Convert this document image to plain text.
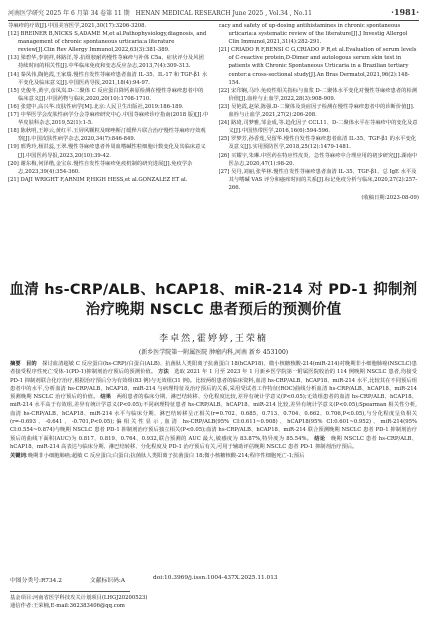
河南医学研究 2025 年 6 月第 34 卷第 11 期　HENAN MEDICAL RESEARCH June 2025 , Vol.34 , No.11	·1981·

荨麻疹的疗效[J].中国美容医学,2021,30(17):3206-3208.

[12] BREINER B,NICKS S,ADAME M,et al.Pathophysiology,diagnosis, and management of chronic spontaneous urticaria:a literature review[J].Clin Rev Allergy Immunol,2022,63(3):381-389.

[13] 梁碧华,李润祥,林路洋,等.抗组胺耐药慢性荨麻疹与补体 C5a、症状评分及风团持续时间的相关性[J].中华临床免疫和变态反应杂志,2013,7(4):309-313.

[14] 秦凤伟,陶艳霞,王家瑞.慢性自发性荨麻疹患者血清 IL-35、IL-17 和 TGF-β1 水平变化及临床意义[J].中国医药导报,2021,18(4):94-97.

[15] 史俊冬,黄宇,彦凤岚.D-二聚体 C 反应蛋白降钙素原检测在慢性荨麻疹患者中的临床意义[J].中国药物与临床,2020,20(10):1708-1710.

[16] 张建中,高兴华.皮肤性病学[M].北京:人民卫生出版社,2019:186-189.

[17] 中华医学会皮肤性病学分会荨麻疹研究中心.中国荨麻疹诊疗指南(2018 版)[J].中华皮肤科杂志,2019,52(1):1-5.

[18] 陈秋明,王婷云,黄红平.玉屏风颗粒及咪唑斯汀缓释片联合治疗慢性荨麻疹疗效观察[J].中国皮肤性病学杂志,2020,34(7):846-849.

[19] 邢秀玲,杨洪蕊,王翠.慢性荨麻疹患者外周血嗜碱性粒细胞计数变化及其临床意义[J].中国医药导报,2023,20(10):39-42.

[20] 谢东梅,何泽楷,金宝东.慢性自发性荨麻疹免疫机制的研究进展[J].免疫学杂志,2023,39(4):354-360.

[21] DAJI WRIGHT F,ARNIM P,HIGH HESS,et al.GONZALEZ ET al.

cacy and safety of up-dosing antihistamines in chronic spontaneous urticaria:a systematic review of the literature[J].J Investig Allergol Clin Immunol,2021,31(4):282-291.

[21] CRIADO R F,BENSI C G,CRIADO P R,et al.Evaluation of serum levels of C-reactive protein,D-Dimer and autologous serum skin test in patients with Chronic Spontaneous Urticaria in a Brazilian tertiary center:a cross-sectional study[J].An Bras Dermatol,2021,96(2):148-154.

[22] 宋印娴,马玲.免疫性相关指标与血浆 D-二聚体水平变化对慢性荨麻疹患者的检测价值[J].血栓与止血学,2022,28(3):908-909.

[23] 吴艳霞,赵荣,陈强.D-二聚体及炎症因子检测在慢性荨麻疹患者中的诊断价值[J].血栓与止血学,2021,27(2):206-208.

[24] 路琦,司梦雅,邹金成,等.趋化因子 CCL11、D-二聚体水平在荨麻疹中的变化及意义[J].中国热带医学,2016,16(6):594-596.

[25] 罗梦芳,孙香莲,吴留华.慢性自发性荨麻疹患者血清 IL-35、TGF-β1 的水平变化及意义[J].实用预防医学,2018,25(12):1479-1481.

[26] 买耀宇,朱琳.中医药在特应性皮炎、急性荨麻疹中合理应用的初步研究[J].湖南中医杂志,2020,47(1):98-20.

[27] 吴丹,刘丽,张华林.慢性自发性荨麻疹患者血清 IL-35、TGF-β1、总 IgE 水平及其与嗜碱 VAS 评分和瘙痒时间的关系[J].标记免疫分析与临床,2020,27(2):257-266.

(收稿日期:2023-08-09)
血清 hs-CRP/ALB、hCAP18、miR-214 对 PD-1 抑制剂
治疗晚期 NSCLC 患者预后的预测价值
李卓然,霍婷婷,王荣楠
(新乡医学院第一附属医院 肿瘤内科,河南 新乡 453100)
摘要　 目的　 探讨血清超敏 C 反应蛋白(hs-CRP)/白蛋白(ALB)、抗菌肽人类阳离子抗菌蛋白 18(hCAP18)、微小核糖核酸-214(miR-214)对晚期非小细胞肺癌(NSCLC)患者接受程序性死亡受体-1(PD-1)抑制剂治疗预后的预测价值。 方法　 选取 2021 年 1 月至 2023 年 1 月新乡医学院第一附属医院收治的 114 例晚期 NSCLC 患者,均接受 PD-1 抑制剂联合化疗治疗,根据治疗预后分为有效组(83 例)与无效组(31 例)。比较两组患者的临床资料,血清 hs-CRP/ALB、hCAP18、miR-214 水平,比较其在不同预后组患者中的水平,分析血清 hs-CRP/ALB、hCAP18、miR-214 与病理特征及治疗预后的关系,采用受试者工作特征(ROC)曲线分析血清 hs-CRP/ALB、hCAP18、miR-214 预测晚期 NSCLC 治疗预后的价值。 结果　 两组患者的临床分期、淋巴结转移、分化程度比较,差异有统计学意义(P<0.05);无效组患者的血清 hs-CRP/ALB、hCAP18、miR-214 水平高于有效组,差异有统计学意义(P<0.05);不同病理特征患者 hs-CRP/ALB、hCAP18、miR-214 比较,差异有统计学意义(P<0.05);Spearman 相关性分析,血清 hs-CRP/ALB、hCAP18、miR-214 水平与临床分期、淋巴结转移呈正相关(r=0.702、0.685、0.713、0.704、0.662、0.706,P<0.05),与分化程度呈负相关(r=-0.693、-0.641、-0.701,P<0.05);偏相关性显示,血清 hs-CRP/ALB(95% CI:0.611~0.908)、hCAP18(95% CI:0.601~0.952)、miR-214(95% CI:0.554~0.874)与晚期 NSCLC 患者 PD-1 抑制剂治疗预后独立相关(P<0.05);血清 hs-CRP/ALB、hCAP18、miR-214 联合预测晚期 NSCLC 患者 PD-1 抑制剂治疗预后的曲线下面积(AUC)为 0.817、0.819、0.764、0.932,联合预测的 AUC 最大,敏感度为 83.87%,特异度为 85.54%。 结论　 晚期 NSCLC 患者 hs-CRP/ALB、hCAP18、miR-214 高表达与临床分期、淋巴结转移、分化程度及 PD-1 治疗预后有关,可用于辅助评估晚期 NSCLC 患者 PD-1 抑制剂治疗预后。
关键词:晚期非小细胞肺癌;超敏 C 反应蛋白;白蛋白;抗菌肽人类阳离子抗菌蛋白 18;微小核糖核酸-214;程序性细胞死亡-1;预后
中图分类号:R734.2	文献标识码:A	doi:10.3969/j.issn.1004-437X.2025.11.013
基金项目:河南省医学科技攻关计划项目(LHGJ20200523)
通信作者:王荣楠,E-mail:362383406@qq.com
